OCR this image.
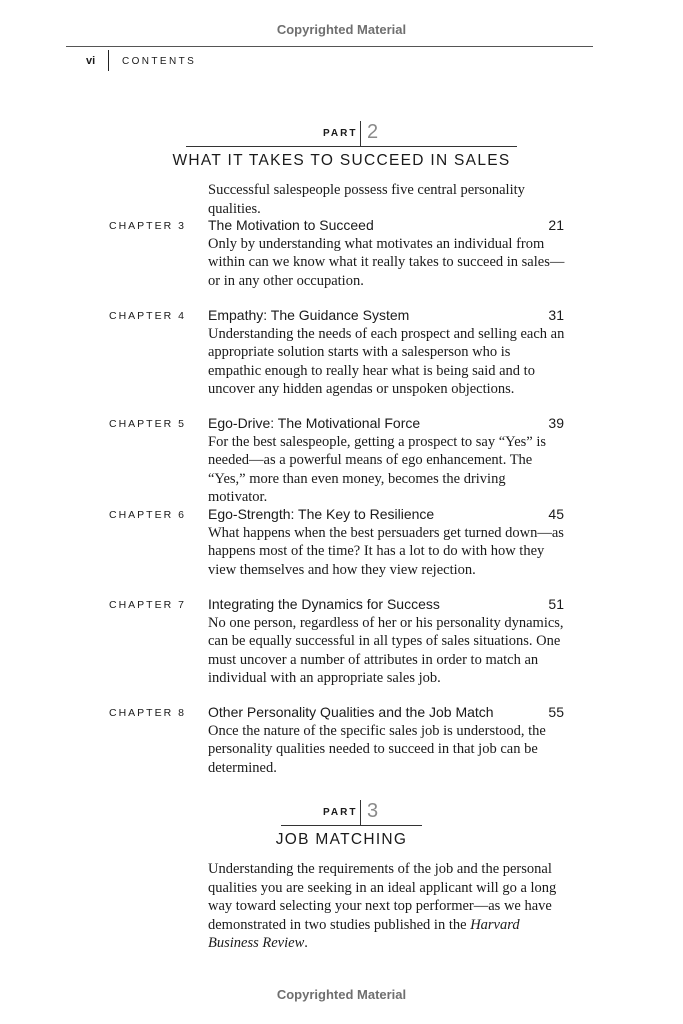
Copyrighted Material
vi	CONTENTS
PART 2
WHAT IT TAKES TO SUCCEED IN SALES
Successful salespeople possess five central personality qualities.
CHAPTER 3 The Motivation to Succeed	21
Only by understanding what motivates an individual from within can we know what it really takes to succeed in sales—or in any other occupation.
CHAPTER 4 Empathy: The Guidance System	31
Understanding the needs of each prospect and selling each an appropriate solution starts with a salesperson who is empathic enough to really hear what is being said and to uncover any hidden agendas or unspoken objections.
CHAPTER 5 Ego-Drive: The Motivational Force	39
For the best salespeople, getting a prospect to say “Yes” is needed—as a powerful means of ego enhancement. The “Yes,” more than even money, becomes the driving motivator.
CHAPTER 6 Ego-Strength: The Key to Resilience	45
What happens when the best persuaders get turned down—as happens most of the time? It has a lot to do with how they view themselves and how they view rejection.
CHAPTER 7 Integrating the Dynamics for Success	51
No one person, regardless of her or his personality dynamics, can be equally successful in all types of sales situations. One must uncover a number of attributes in order to match an individual with an appropriate sales job.
CHAPTER 8 Other Personality Qualities and the Job Match	55
Once the nature of the specific sales job is understood, the personality qualities needed to succeed in that job can be determined.
PART 3
JOB MATCHING
Understanding the requirements of the job and the personal qualities you are seeking in an ideal applicant will go a long way toward selecting your next top performer—as we have demonstrated in two studies published in the Harvard Business Review.
Copyrighted Material
